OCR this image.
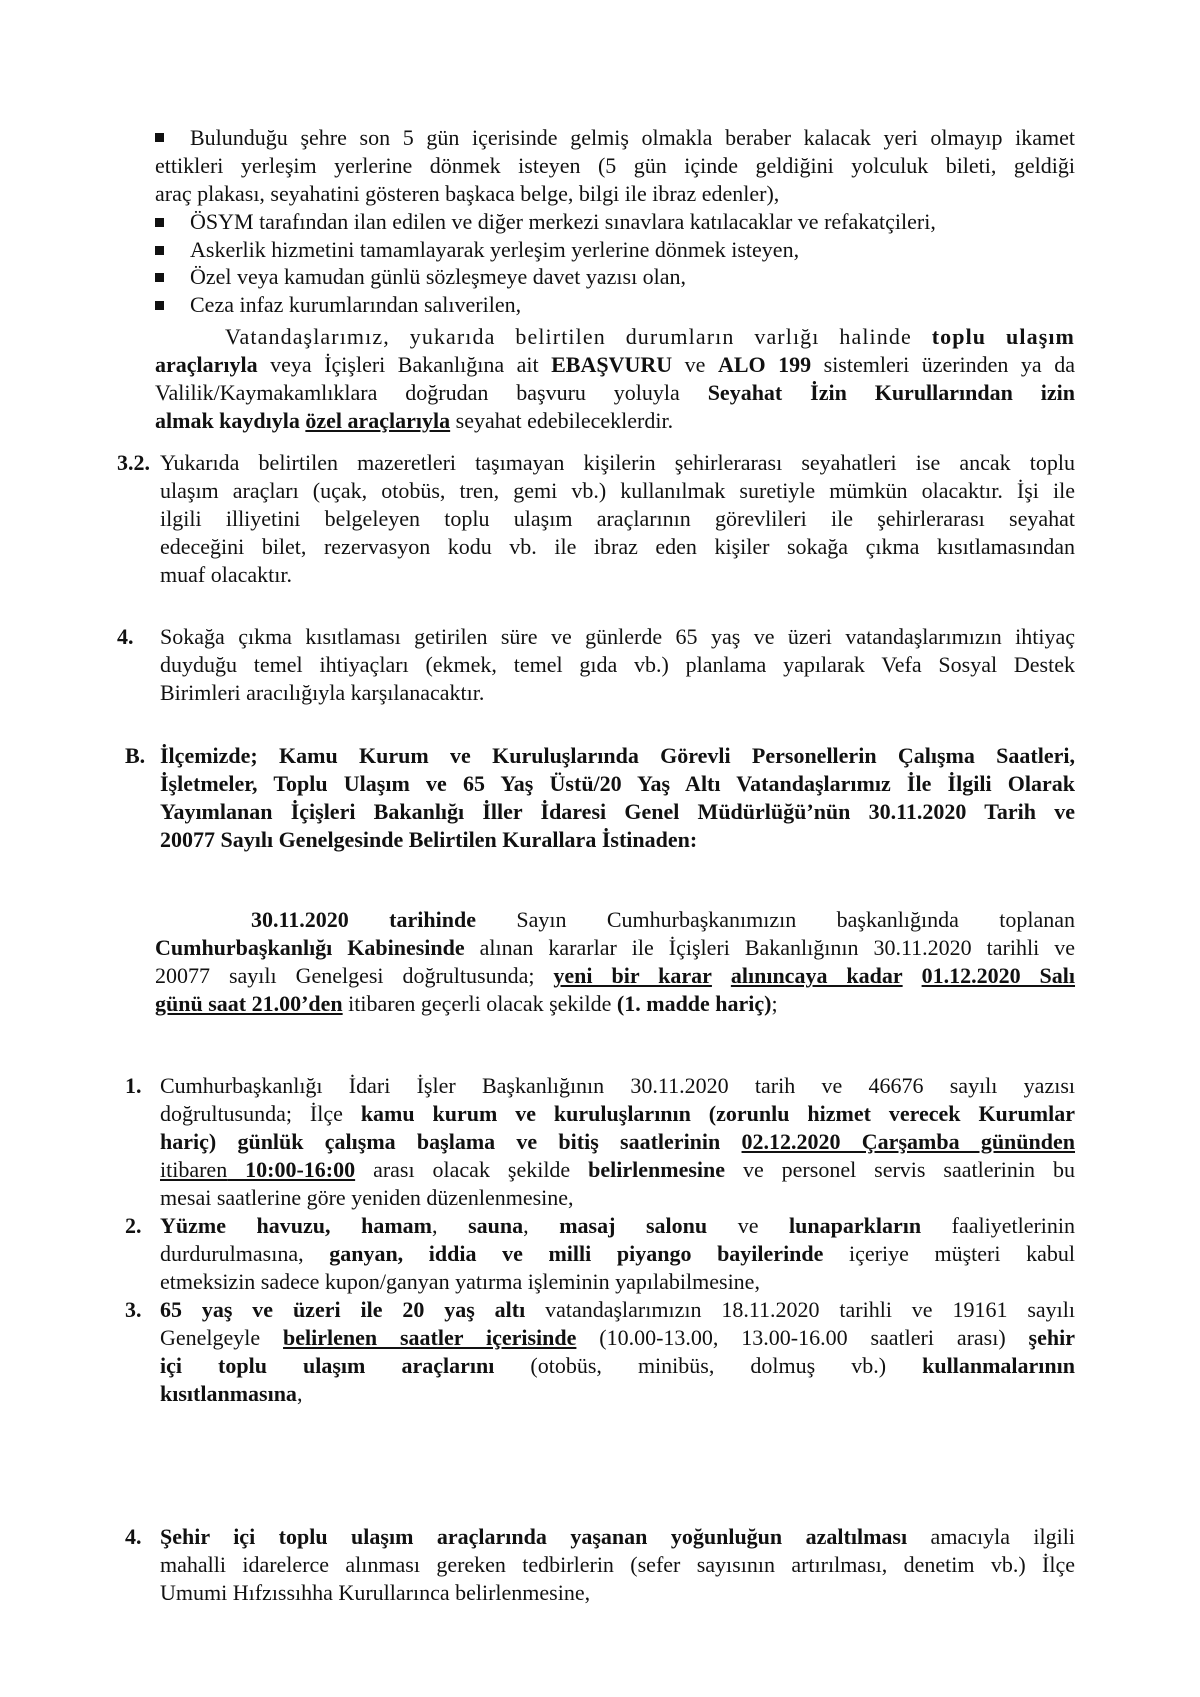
Bulunduğu şehre son 5 gün içerisinde gelmiş olmakla beraber kalacak yeri olmayıp ikamet
ettikleri yerleşim yerlerine dönmek isteyen (5 gün içinde geldiğini yolculuk bileti, geldiği
araç plakası, seyahatini gösteren başkaca belge, bilgi ile ibraz edenler),
ÖSYM tarafından ilan edilen ve diğer merkezi sınavlara katılacaklar ve refakatçileri,
Askerlik hizmetini tamamlayarak yerleşim yerlerine dönmek isteyen,
Özel veya kamudan günlü sözleşmeye davet yazısı olan,
Ceza infaz kurumlarından salıverilen,
Vatandaşlarımız, yukarıda belirtilen durumların varlığı halinde toplu ulaşım
araçlarıyla veya İçişleri Bakanlığına ait EBAŞVURU ve ALO 199 sistemleri üzerinden ya da
Valilik/Kaymakamlıklara doğrudan başvuru yoluyla Seyahat İzin Kurullarından izin
almak kaydıyla özel araçlarıyla seyahat edebileceklerdir.
3.2. Yukarıda belirtilen mazeretleri taşımayan kişilerin şehirlerarası seyahatleri ise ancak toplu
ulaşım araçları (uçak, otobüs, tren, gemi vb.) kullanılmak suretiyle mümkün olacaktır. İşi ile
ilgili illiyetini belgeleyen toplu ulaşım araçlarının görevlileri ile şehirlerarası seyahat
edeceğini bilet, rezervasyon kodu vb. ile ibraz eden kişiler sokağa çıkma kısıtlamasından
muaf olacaktır.
4. Sokağa çıkma kısıtlaması getirilen süre ve günlerde 65 yaş ve üzeri vatandaşlarımızın ihtiyaç
duyduğu temel ihtiyaçları (ekmek, temel gıda vb.) planlama yapılarak Vefa Sosyal Destek
Birimleri aracılığıyla karşılanacaktır.
B. İlçemizde; Kamu Kurum ve Kuruluşlarında Görevli Personellerin Çalışma Saatleri,
İşletmeler, Toplu Ulaşım ve 65 Yaş Üstü/20 Yaş Altı Vatandaşlarımız İle İlgili Olarak
Yayımlanan İçişleri Bakanlığı İller İdaresi Genel Müdürlüğü’nün 30.11.2020 Tarih ve
20077 Sayılı Genelgesinde Belirtilen Kurallara İstinaden:
30.11.2020 tarihinde Sayın Cumhurbaşkanımızın başkanlığında toplanan
Cumhurbaşkanlığı Kabinesinde alınan kararlar ile İçişleri Bakanlığının 30.11.2020 tarihli ve
20077 sayılı Genelgesi doğrultusunda; yeni bir karar alınıncaya kadar 01.12.2020 Salı
günü saat 21.00’den itibaren geçerli olacak şekilde (1. madde hariç);
1. Cumhurbaşkanlığı İdari İşler Başkanlığının 30.11.2020 tarih ve 46676 sayılı yazısı
doğrultusunda; İlçe kamu kurum ve kuruluşlarının (zorunlu hizmet verecek Kurumlar
hariç) günlük çalışma başlama ve bitiş saatlerinin 02.12.2020 Çarşamba gününden
itibaren 10:00-16:00 arası olacak şekilde belirlenmesine ve personel servis saatlerinin bu
mesai saatlerine göre yeniden düzenlenmesine,
2. Yüzme havuzu, hamam, sauna, masaj salonu ve lunaparkların faaliyetlerinin
durdurulmasına, ganyan, iddia ve milli piyango bayilerinde içeriye müşteri kabul
etmeksizin sadece kupon/ganyan yatırma işleminin yapılabilmesine,
3. 65 yaş ve üzeri ile 20 yaş altı vatandaşlarımızın 18.11.2020 tarihli ve 19161 sayılı
Genelgeyle belirlenen saatler içerisinde (10.00-13.00, 13.00-16.00 saatleri arası) şehir
içi toplu ulaşım araçlarını (otobüs, minibüs, dolmuş vb.) kullanmalarının
kısıtlanmasına,
4. Şehir içi toplu ulaşım araçlarında yaşanan yoğunluğun azaltılması amacıyla ilgili
mahalli idarelerce alınması gereken tedbirlerin (sefer sayısının artırılması, denetim vb.) İlçe
Umumi Hıfzıssıhha Kurullarınca belirlenmesine,
